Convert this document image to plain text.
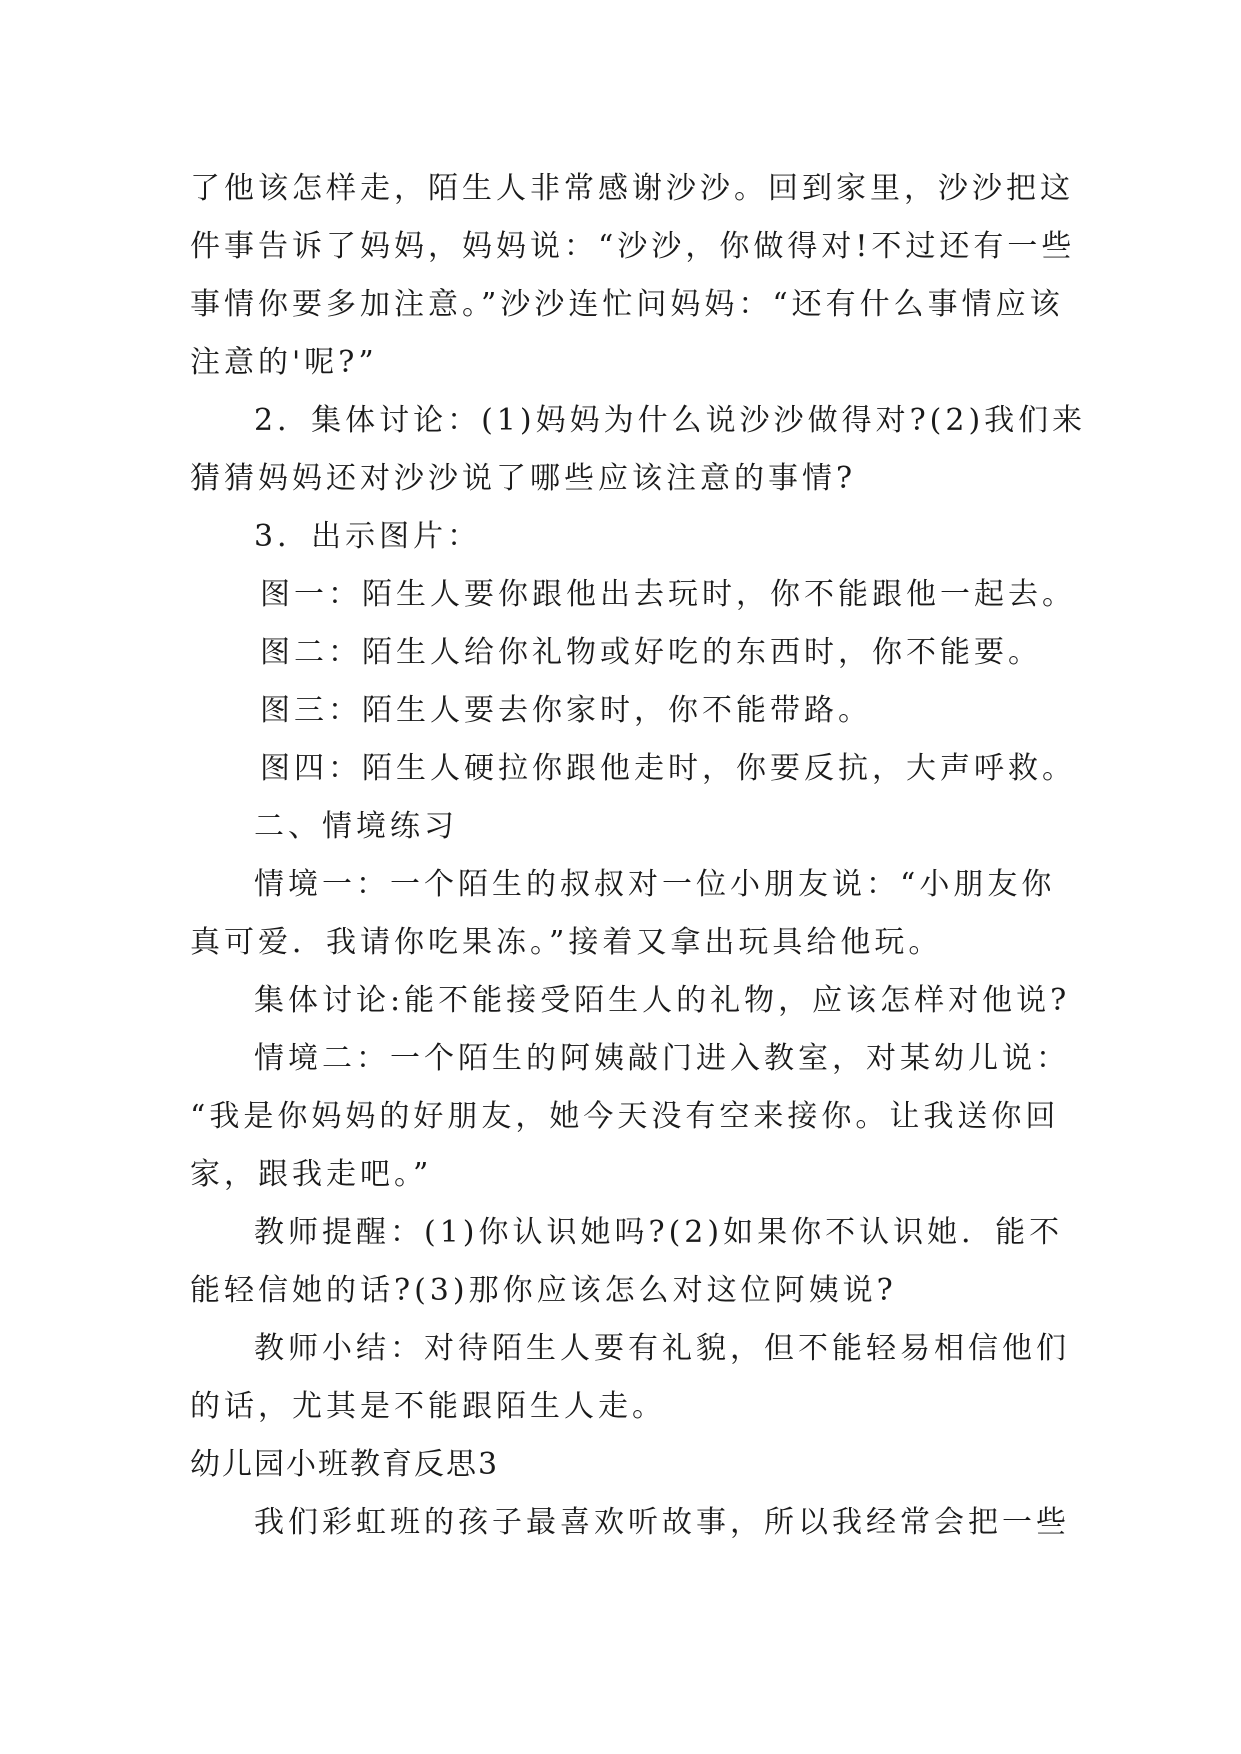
了他该怎样走，陌生人非常感谢沙沙。回到家里，沙沙把这
件事告诉了妈妈，妈妈说：“沙沙，你做得对!不过还有一些
事情你要多加注意。”沙沙连忙问妈妈：“还有什么事情应该
注意的'呢?”
2．集体讨论：(1)妈妈为什么说沙沙做得对?(2)我们来
猜猜妈妈还对沙沙说了哪些应该注意的事情?
3．出示图片：
图一：陌生人要你跟他出去玩时，你不能跟他一起去。
图二：陌生人给你礼物或好吃的东西时，你不能要。
图三：陌生人要去你家时，你不能带路。
图四：陌生人硬拉你跟他走时，你要反抗，大声呼救。
二、情境练习
情境一：一个陌生的叔叔对一位小朋友说：“小朋友你
真可爱．我请你吃果冻。”接着又拿出玩具给他玩。
集体讨论:能不能接受陌生人的礼物，应该怎样对他说?
情境二：一个陌生的阿姨敲门进入教室，对某幼儿说：
“我是你妈妈的好朋友，她今天没有空来接你。让我送你回
家，跟我走吧。”
教师提醒：(1)你认识她吗?(2)如果你不认识她．能不
能轻信她的话?(3)那你应该怎么对这位阿姨说?
教师小结：对待陌生人要有礼貌，但不能轻易相信他们
的话，尤其是不能跟陌生人走。
幼儿园小班教育反思3
我们彩虹班的孩子最喜欢听故事，所以我经常会把一些
